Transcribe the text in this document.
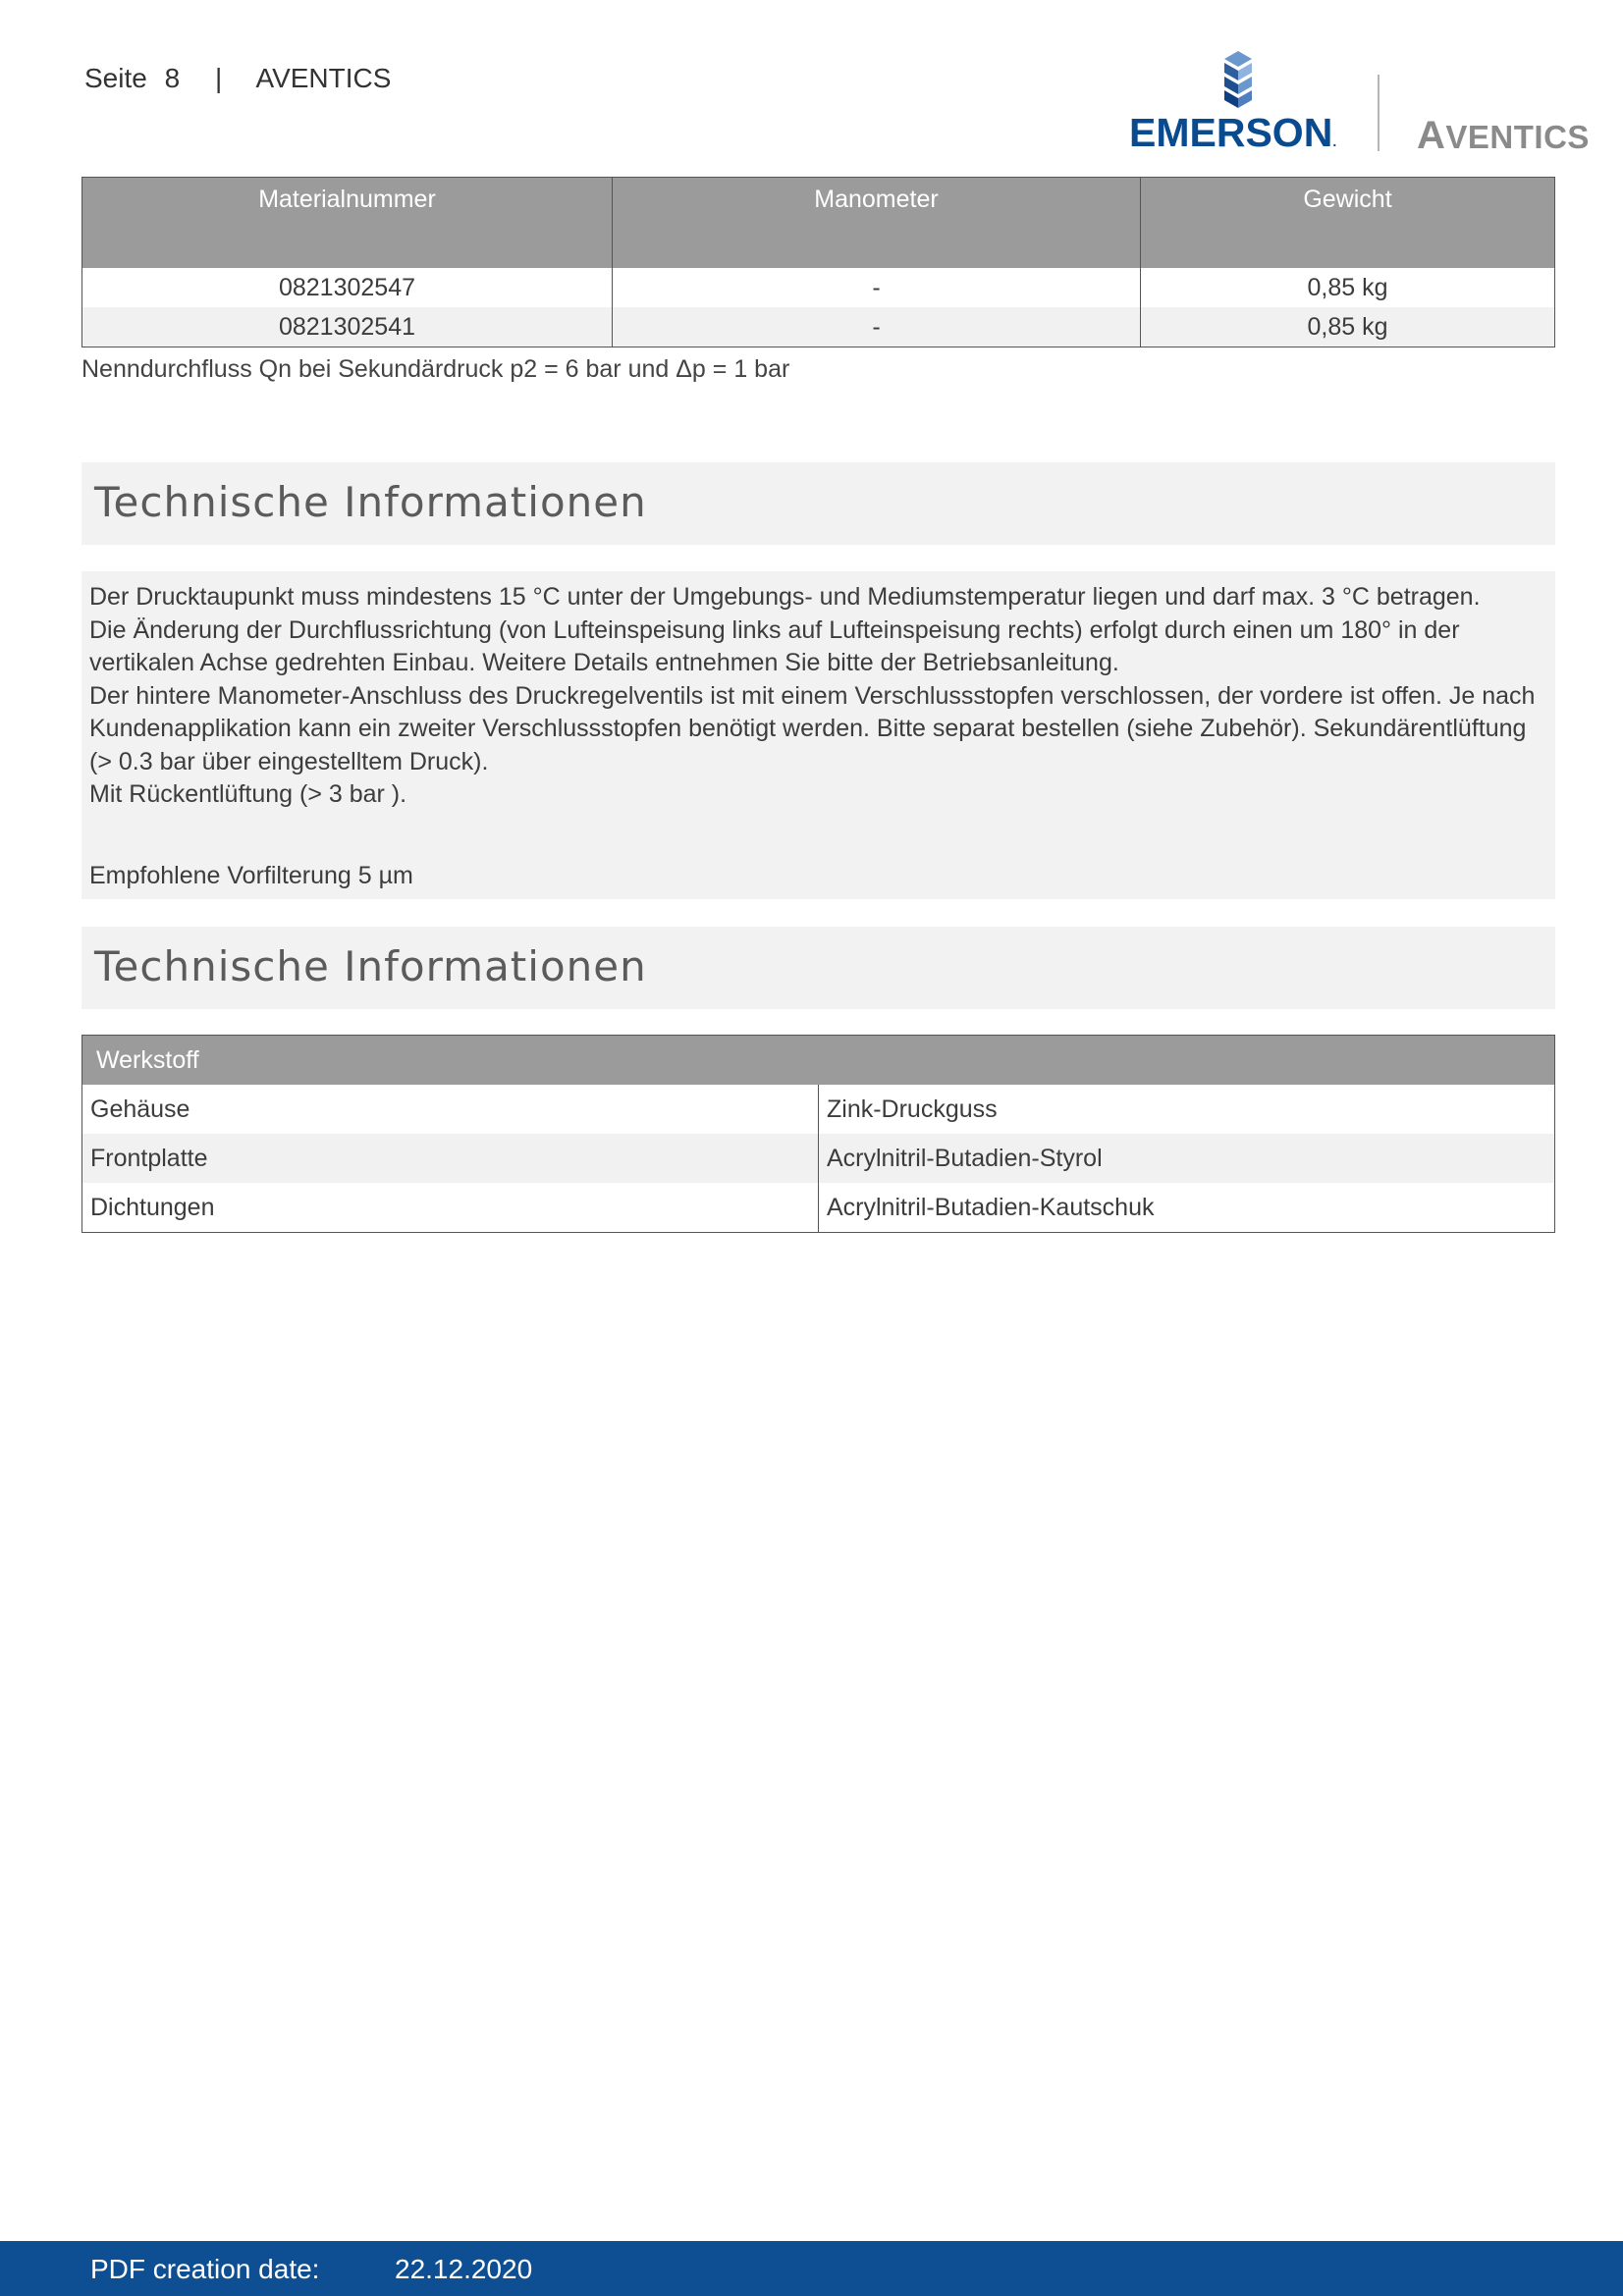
Seite 8 | AVENTICS
EMERSON. AVENTICS
Materialnummer	Manometer	Gewicht
0821302547	-	0,85 kg
0821302541	-	0,85 kg
Nenndurchfluss Qn bei Sekundärdruck p2 = 6 bar und Δp = 1 bar
Technische Informationen

Der Drucktaupunkt muss mindestens 15 °C unter der Umgebungs- und Mediumstemperatur liegen und darf max. 3 °C betragen.

Die Änderung der Durchflussrichtung (von Lufteinspeisung links auf Lufteinspeisung rechts) erfolgt durch einen um 180° in der vertikalen Achse gedrehten Einbau. Weitere Details entnehmen Sie bitte der Betriebsanleitung.

Der hintere Manometer-Anschluss des Druckregelventils ist mit einem Verschlussstopfen verschlossen, der vordere ist offen. Je nach Kundenapplikation kann ein zweiter Verschlussstopfen benötigt werden. Bitte separat bestellen (siehe Zubehör). Sekundärentlüftung (> 0.3 bar über eingestelltem Druck).

Mit Rückentlüftung (> 3 bar ).

Empfohlene Vorfilterung 5 µm
Technische Informationen
Werkstoff	
Gehäuse	Zink-Druckguss
Frontplatte	Acrylnitril-Butadien-Styrol
Dichtungen	Acrylnitril-Butadien-Kautschuk
PDF creation date:	22.12.2020
